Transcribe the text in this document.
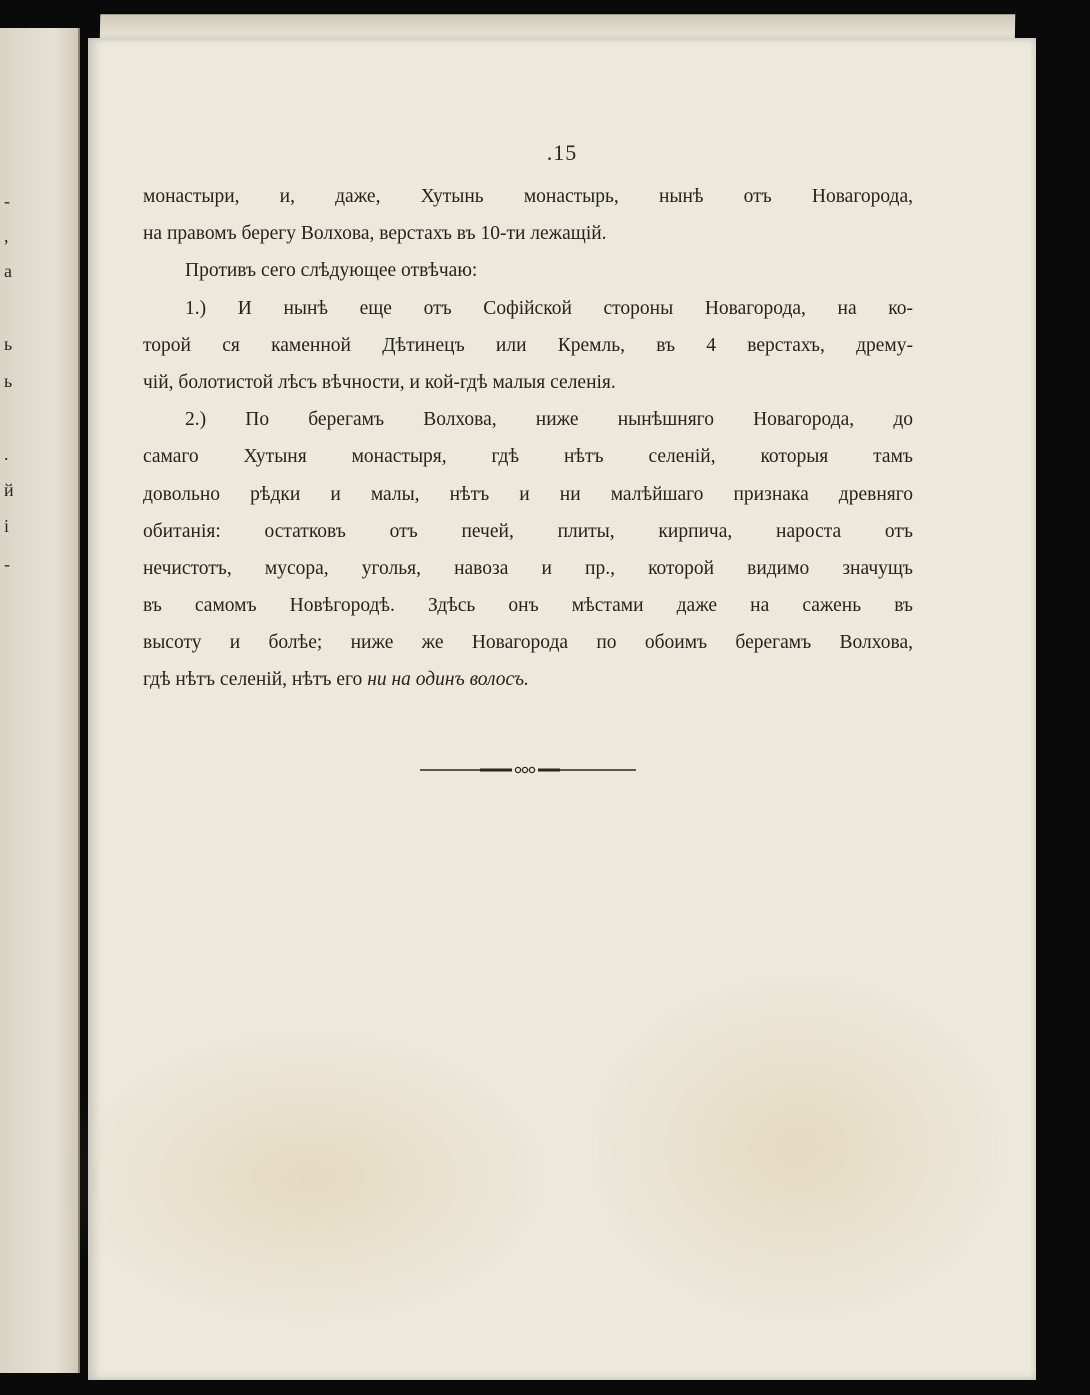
-
,
а
ь
ь
.
й
і
-
.15
монастыри, и, даже, Хутынь монастырь, нынѣ отъ Новагорода,
на правомъ берегу Волхова, верстахъ въ 10-ти лежащій.
Противъ сего слѣдующее отвѣчаю:
1.) И нынѣ еще отъ Софійской стороны Новагорода, на ко-
торой ся каменной Дѣтинецъ или Кремль, въ 4 верстахъ, дрему-
чій, болотистой лѣсъ вѣчности, и кой-гдѣ малыя селенія.
2.) По берегамъ Волхова, ниже нынѣшняго Новагорода, до
самаго Хутыня монастыря, гдѣ нѣтъ селеній, которыя тамъ
довольно рѣдки и малы, нѣтъ и ни малѣйшаго признака древняго
обитанія: остатковъ отъ печей, плиты, кирпича, нароста отъ
нечистотъ, мусора, уголья, навоза и пр., которой видимо значущъ
въ самомъ Новѣгородѣ. Здѣсь онъ мѣстами даже на сажень въ
высоту и болѣе; ниже же Новагорода по обоимъ берегамъ Волхова,
гдѣ нѣтъ селеній, нѣтъ его ни на одинъ волосъ.
